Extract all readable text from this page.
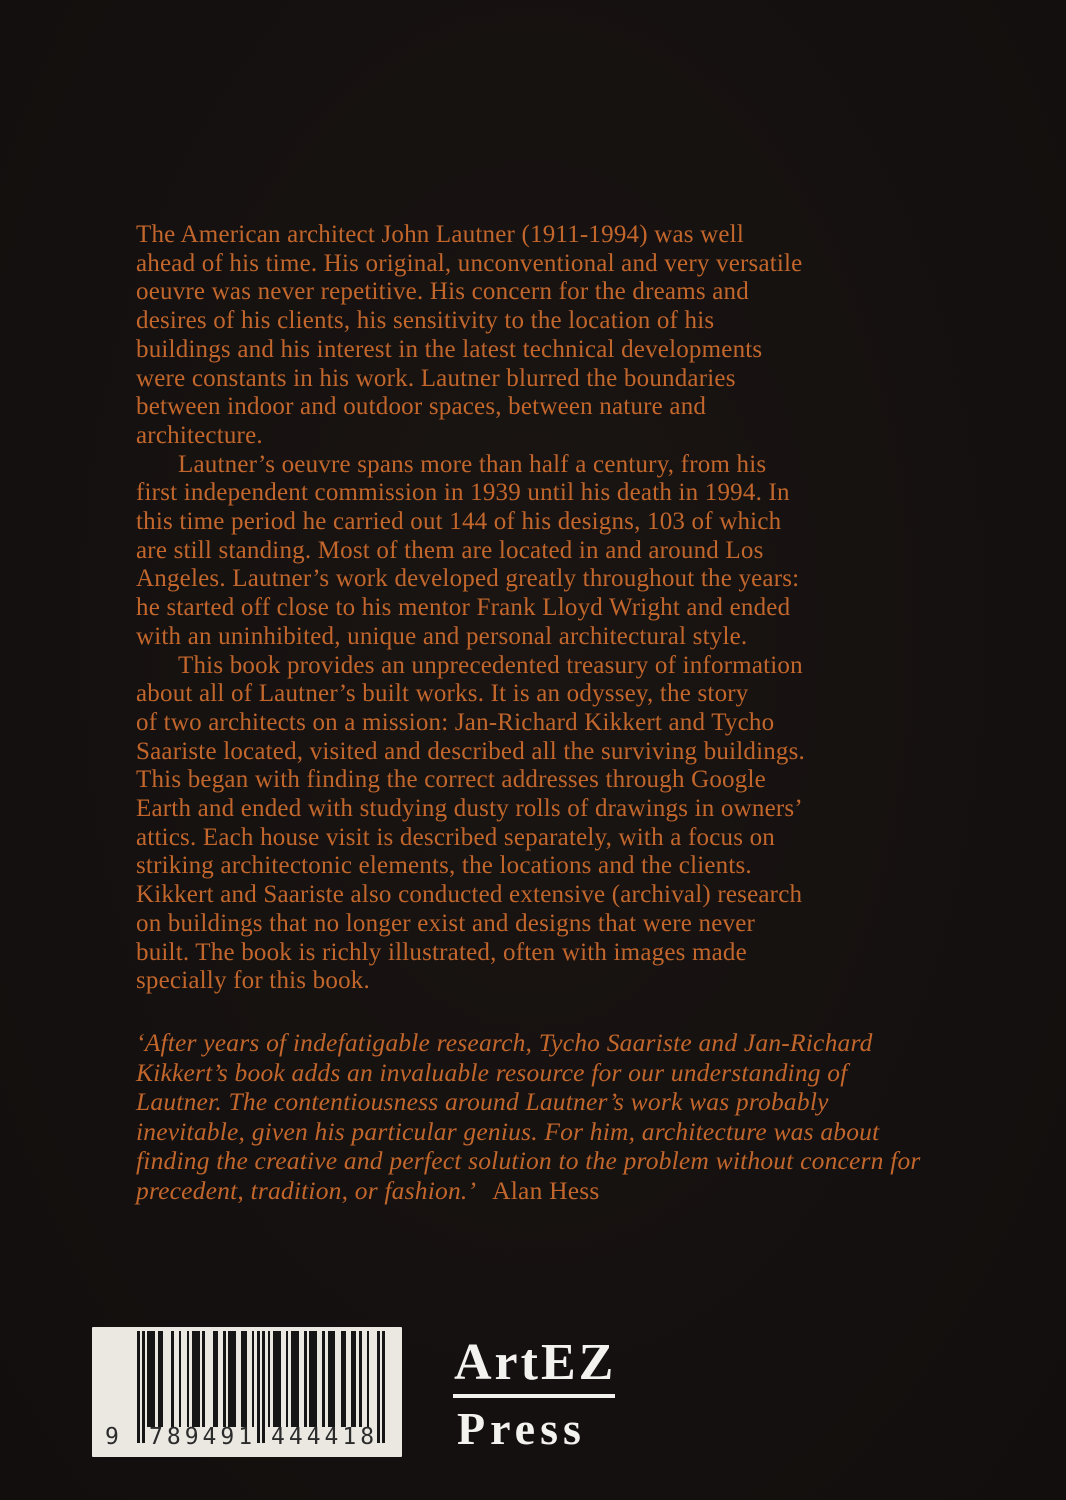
The American architect John Lautner (1911-1994) was well
ahead of his time. His original, unconventional and very versatile
oeuvre was never repetitive. His concern for the dreams and
desires of his clients, his sensitivity to the location of his
buildings and his interest in the latest technical developments
were constants in his work. Lautner blurred the boundaries
between indoor and outdoor spaces, between nature and
architecture.
Lautner’s oeuvre spans more than half a century, from his
first independent commission in 1939 until his death in 1994. In
this time period he carried out 144 of his designs, 103 of which
are still standing. Most of them are located in and around Los
Angeles. Lautner’s work developed greatly throughout the years:
he started off close to his mentor Frank Lloyd Wright and ended
with an uninhibited, unique and personal architectural style.
This book provides an unprecedented treasury of information
about all of Lautner’s built works. It is an odyssey, the story
of two architects on a mission: Jan-Richard Kikkert and Tycho
Saariste located, visited and described all the surviving buildings.
This began with finding the correct addresses through Google
Earth and ended with studying dusty rolls of drawings in owners’
attics. Each house visit is described separately, with a focus on
striking architectonic elements, the locations and the clients.
Kikkert and Saariste also conducted extensive (archival) research
on buildings that no longer exist and designs that were never
built. The book is richly illustrated, often with images made
specially for this book.
‘After years of indefatigable research, Tycho Saariste and Jan-Richard
Kikkert’s book adds an invaluable resource for our understanding of
Lautner. The contentiousness around Lautner’s work was probably
inevitable, given his particular genius. For him, architecture was about
finding the creative and perfect solution to the problem without concern for
precedent, tradition, or fashion.’ Alan Hess
9 789491 444418
ArtEZ
Press
